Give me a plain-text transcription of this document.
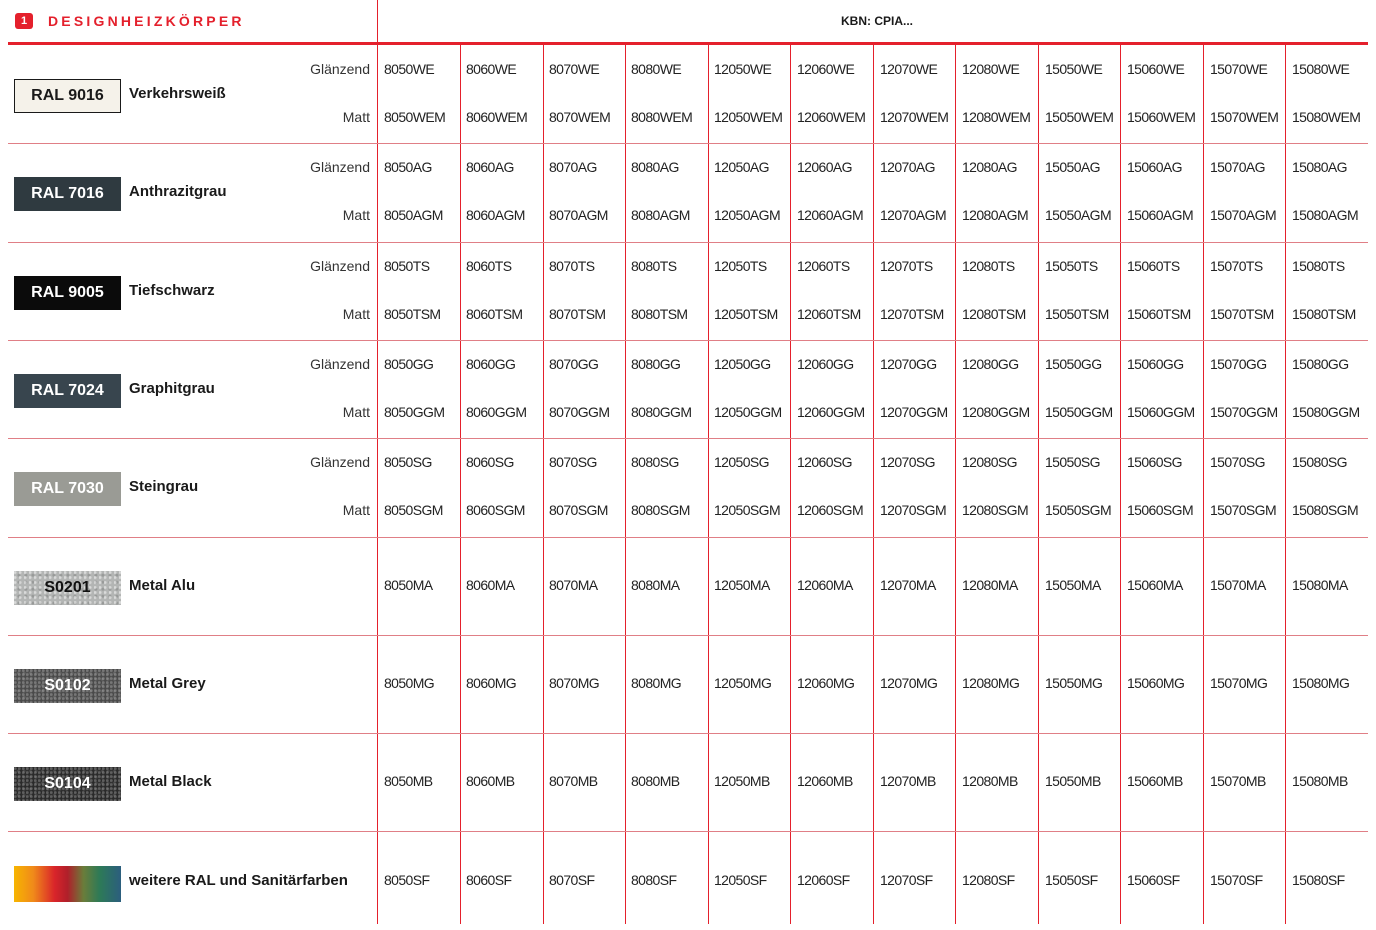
1	DESIGNHEIZKÖRPER	KBN: CPIA...
RAL 9016 Verkehrsweiß
Glänzend
Matt
8050WE 8060WE 8070WE 8080WE 12050WE 12060WE 12070WE 12080WE 15050WE 15060WE 15070WE 15080WE
8050WEM 8060WEM 8070WEM 8080WEM 12050WEM 12060WEM 12070WEM 12080WEM 15050WEM 15060WEM 15070WEM 15080WEM
RAL 7016 Anthrazitgrau
Glänzend
Matt
8050AG 8060AG	8070AG 8080AG	12050AG 12060AG 12070AG 12080AG 15050AG 15060AG 15070AG 15080AG
8050AGM 8060AGM 8070AGM 8080AGM 12050AGM 12060AGM 12070AGM 12080AGM 15050AGM 15060AGM 15070AGM 15080AGM
RAL 9005 Tiefschwarz
Glänzend
Matt
8050TS	8060TS	8070TS	8080TS	12050TS 12060TS 12070TS 12080TS 15050TS 15060TS 15070TS 15080TS
8050TSM 8060TSM 8070TSM 8080TSM 12050TSM 12060TSM 12070TSM 12080TSM 15050TSM 15060TSM 15070TSM 15080TSM
RAL 7024 Graphitgrau
Glänzend
Matt
8050GG 8060GG 8070GG 8080GG 12050GG 12060GG 12070GG 12080GG 15050GG 15060GG 15070GG 15080GG
8050GGM 8060GGM 8070GGM 8080GGM 12050GGM 12060GGM 12070GGM 12080GGM 15050GGM 15060GGM 15070GGM 15080GGM
RAL 7030 Steingrau
Glänzend
Matt
8050SG 8060SG	8070SG 8080SG	12050SG 12060SG 12070SG 12080SG 15050SG 15060SG 15070SG 15080SG
8050SGM 8060SGM 8070SGM 8080SGM 12050SGM 12060SGM 12070SGM 12080SGM 15050SGM 15060SGM 15070SGM 15080SGM
S0201	Metal Alu	8050MA 8060MA 8070MA 8080MA 12050MA 12060MA 12070MA 12080MA 15050MA 15060MA 15070MA 15080MA
S0102	Metal Grey	8050MG 8060MG 8070MG 8080MG 12050MG 12060MG 12070MG 12080MG 15050MG 15060MG 15070MG 15080MG
S0104	Metal Black	8050MB 8060MB 8070MB 8080MB 12050MB 12060MB 12070MB 12080MB 15050MB 15060MB 15070MB 15080MB
weitere RAL und Sanitärfarben	8050SF	8060SF	8070SF	8080SF	12050SF 12060SF 12070SF 12080SF 15050SF 15060SF 15070SF 15080SF
